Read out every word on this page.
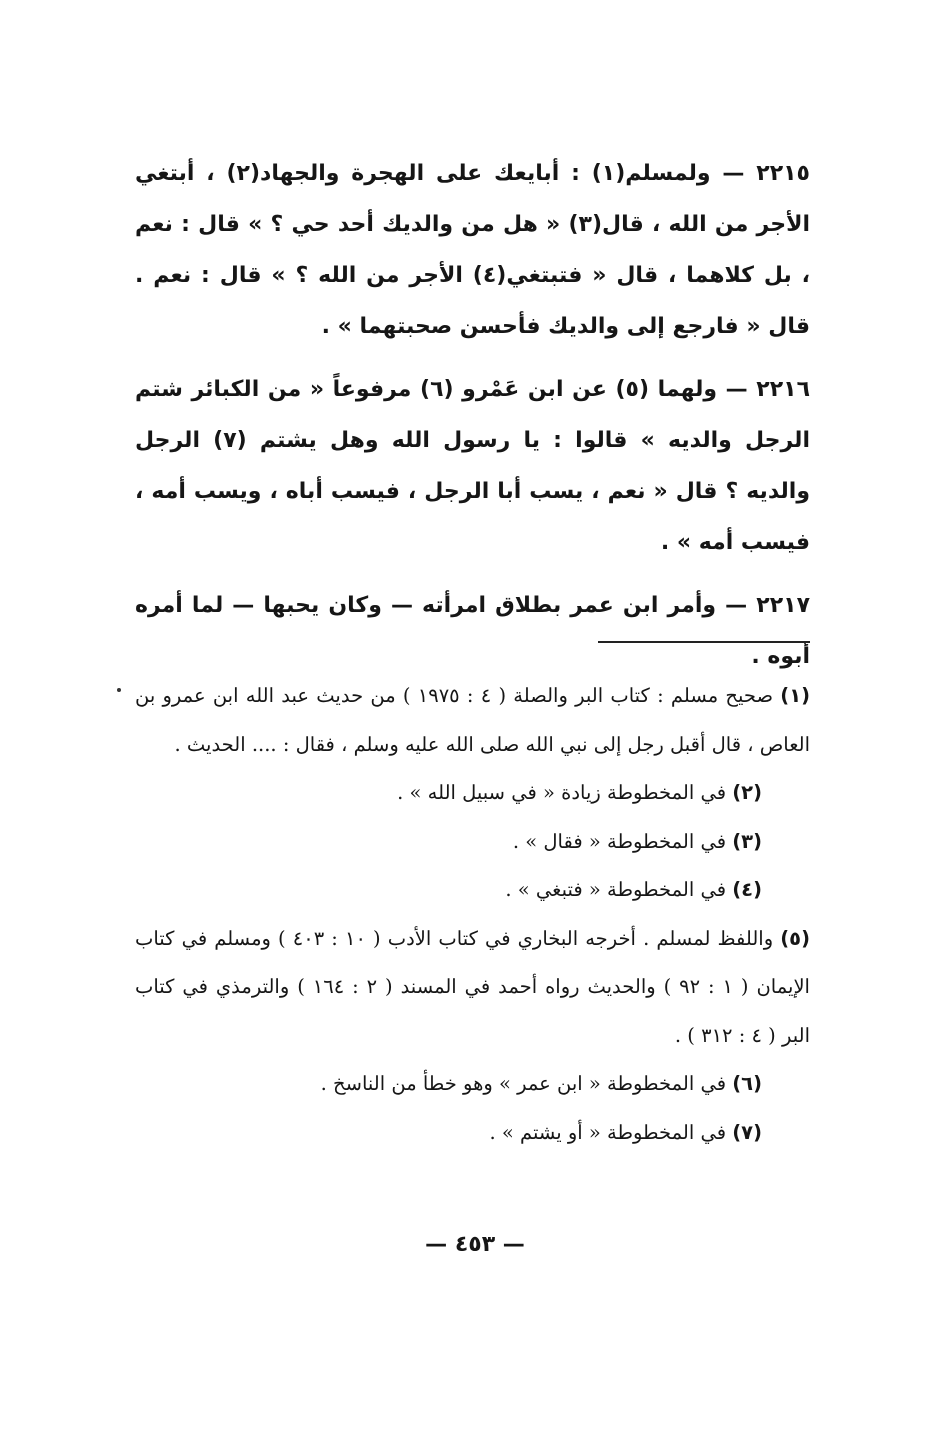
٢٢١٥ — ولمسلم(١) : أبايعك على الهجرة والجهاد(٢) ، أبتغي الأجر من الله ، قال(٣) « هل من والديك أحد حي ؟ » قال : نعم ، بل كلاهما ، قال « فتبتغي(٤) الأجر من الله ؟ » قال : نعم . قال « فارجع إلى والديك فأحسن صحبتهما » .

٢٢١٦ — ولهما (٥) عن ابن عَمْرو (٦) مرفوعاً « من الكبائر شتم الرجل والديه » قالوا : يا رسول الله وهل يشتم (٧) الرجل والديه ؟ قال « نعم ، يسب أبا الرجل ، فيسب أباه ، ويسب أمه ، فيسب أمه » .

٢٢١٧ — وأمر ابن عمر بطلاق امرأته — وكان يحبها — لما أمره أبوه .

(١) صحيح مسلم : كتاب البر والصلة ( ٤ : ١٩٧٥ ) من حديث عبد الله ابن عمرو بن العاص ، قال أقبل رجل إلى نبي الله صلى الله عليه وسلم ، فقال : .... الحديث .

(٢) في المخطوطة زيادة « في سبيل الله » .

(٣) في المخطوطة « فقال » .

(٤) في المخطوطة « فتبغي » .

(٥) واللفظ لمسلم . أخرجه البخاري في كتاب الأدب ( ١٠ : ٤٠٣ ) ومسلم في كتاب الإيمان ( ١ : ٩٢ ) والحديث رواه أحمد في المسند ( ٢ : ١٦٤ ) والترمذي في كتاب البر ( ٤ : ٣١٢ ) .

(٦) في المخطوطة « ابن عمر » وهو خطأ من الناسخ .

(٧) في المخطوطة « أو يشتم » .

— ٤٥٣ —
